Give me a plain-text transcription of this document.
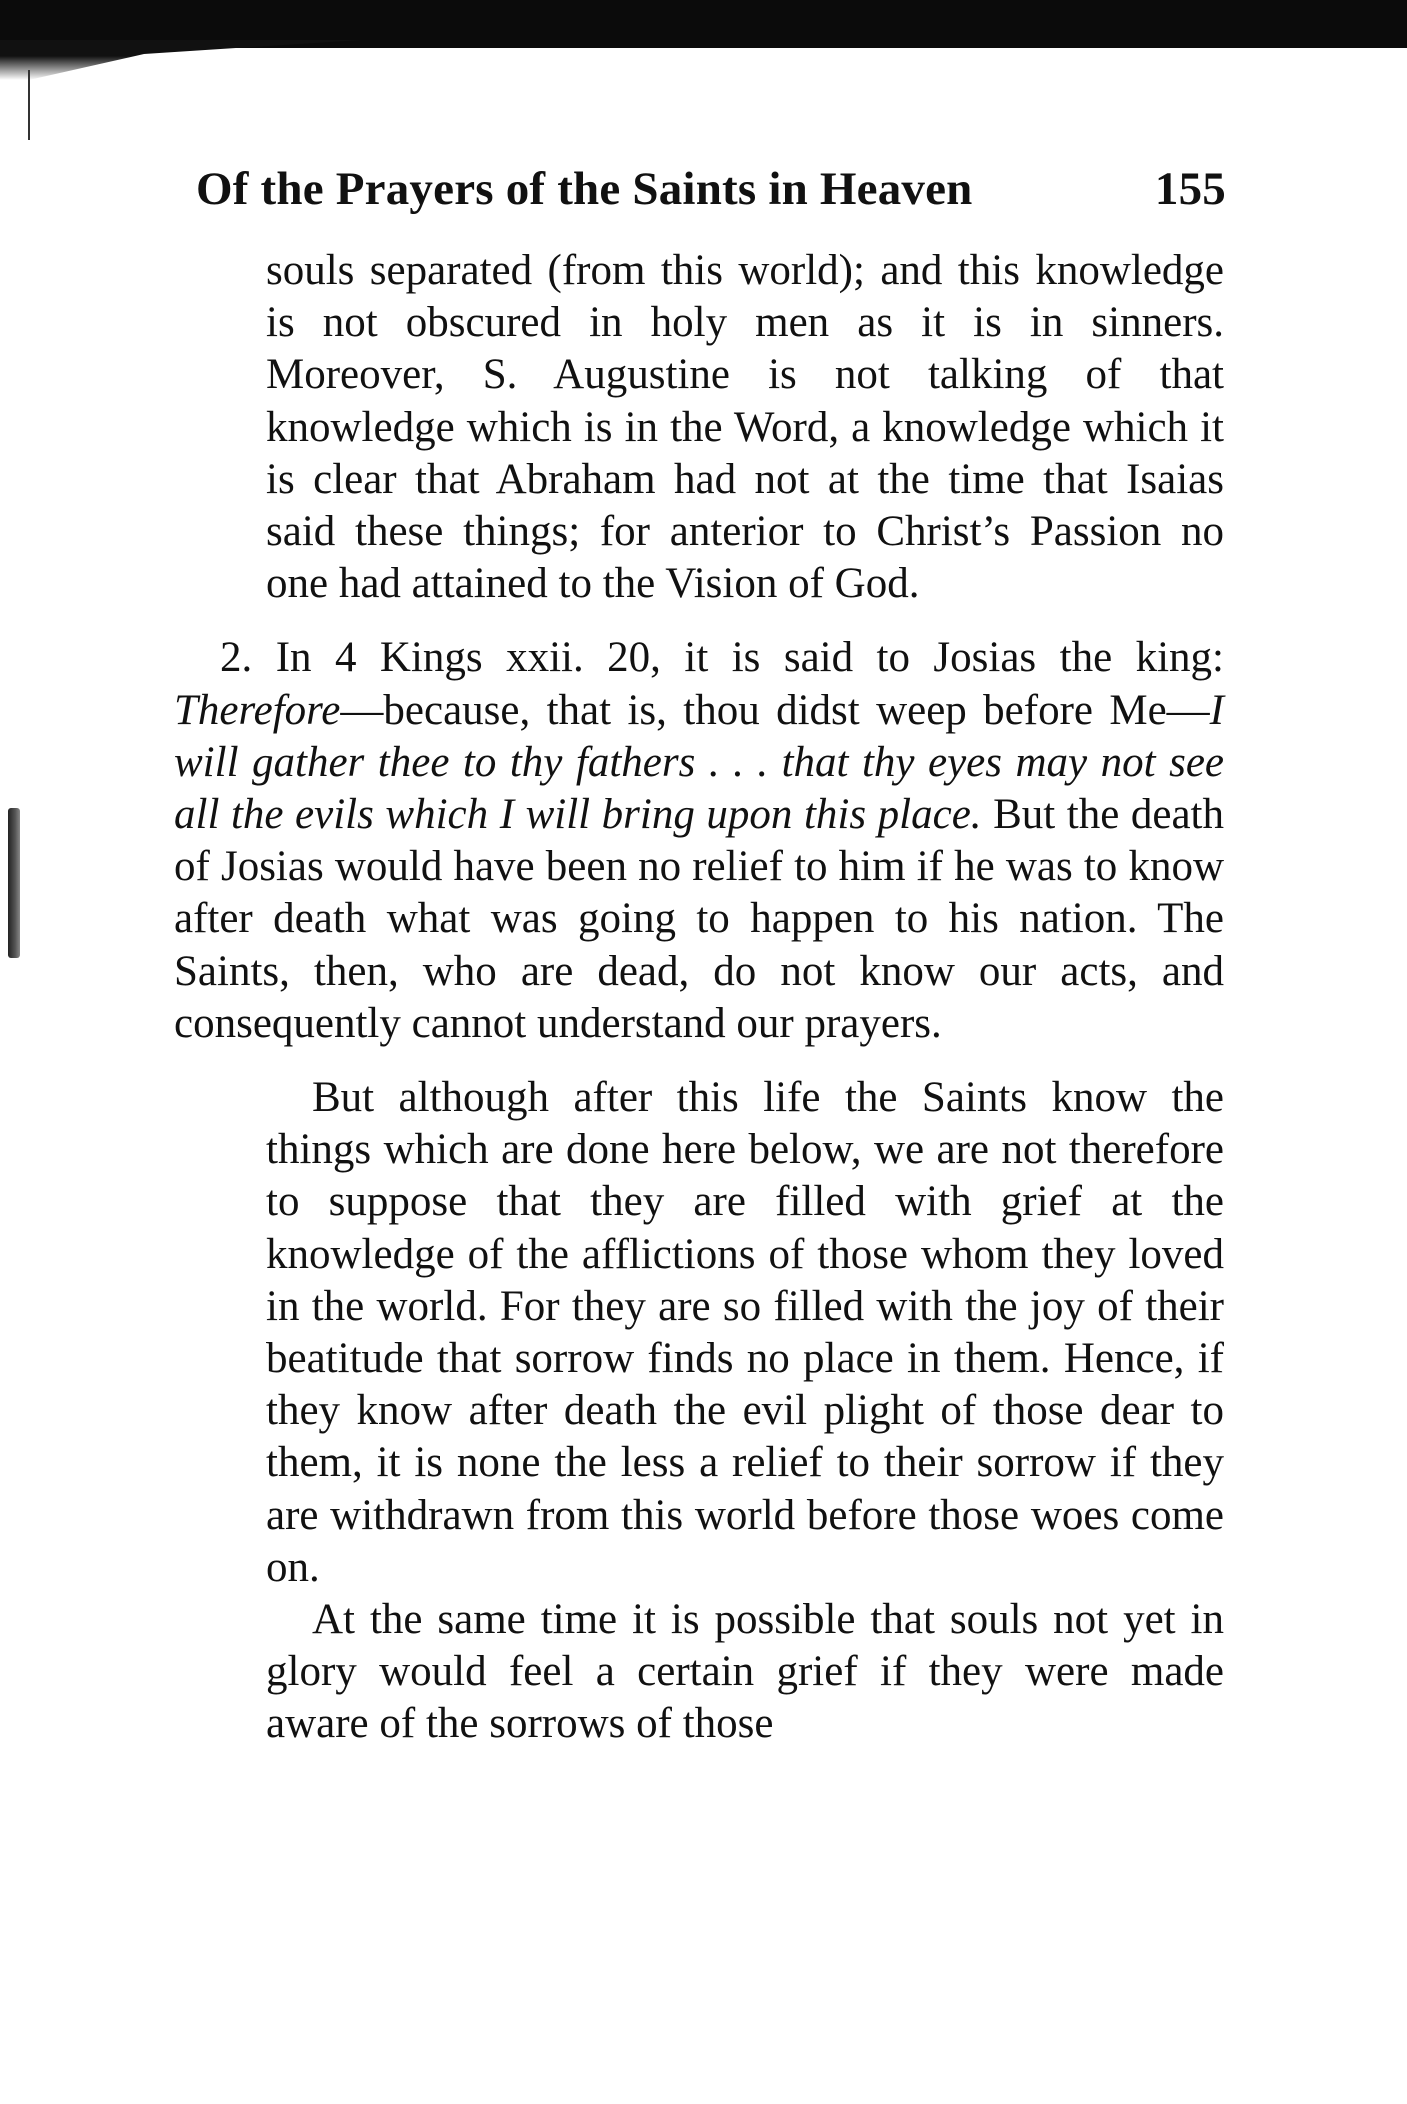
Of the Prayers of the Saints in Heaven	155

souls separated (from this world); and this knowledge is not obscured in holy men as it is in sinners. Moreover, S. Augustine is not talking of that knowledge which is in the Word, a knowledge which it is clear that Abraham had not at the time that Isaias said these things; for anterior to Christ’s Passion no one had attained to the Vision of God.

2. In 4 Kings xxii. 20, it is said to Josias the king: Therefore—because, that is, thou didst weep before Me—I will gather thee to thy fathers . . . that thy eyes may not see all the evils which I will bring upon this place. But the death of Josias would have been no relief to him if he was to know after death what was going to happen to his nation. The Saints, then, who are dead, do not know our acts, and consequently cannot understand our prayers.

But although after this life the Saints know the things which are done here below, we are not therefore to suppose that they are filled with grief at the knowledge of the afflictions of those whom they loved in the world. For they are so filled with the joy of their beatitude that sorrow finds no place in them. Hence, if they know after death the evil plight of those dear to them, it is none the less a relief to their sorrow if they are withdrawn from this world before those woes come on.

At the same time it is possible that souls not yet in glory would feel a certain grief if they were made aware of the sorrows of those
